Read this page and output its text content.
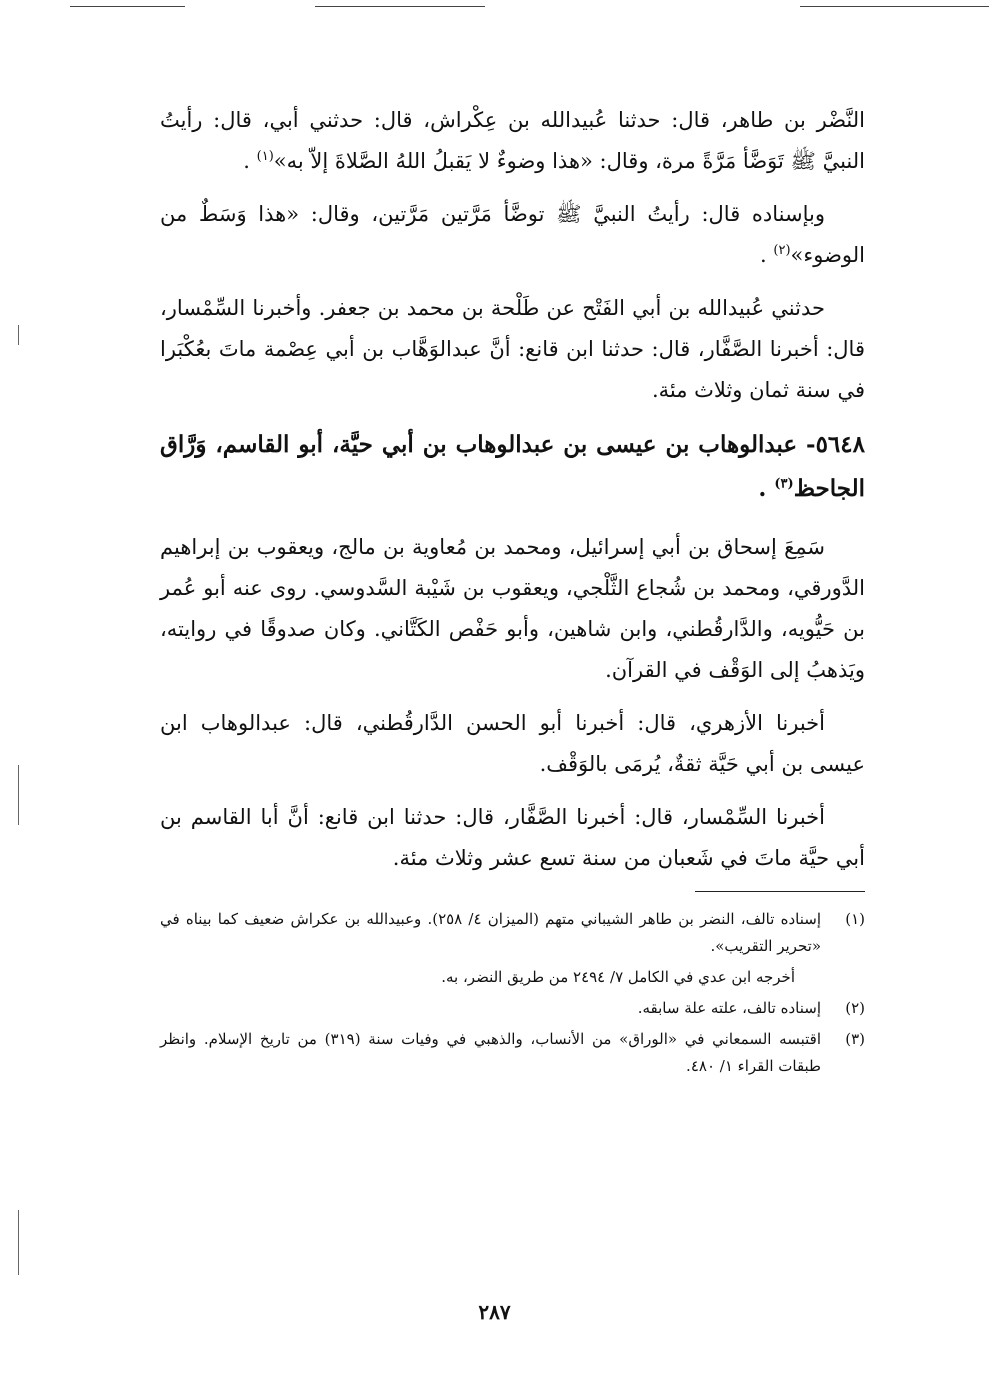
النَّضْر بن طاهر، قال: حدثنا عُبيدالله بن عِكْراش، قال: حدثني أبي، قال: رأيتُ النبيَّ ﷺ تَوَضَّأ مَرَّةً مرة، وقال: «هذا وضوءٌ لا يَقبلُ اللهُ الصَّلاةَ إلاّ به»$^{(١)}$ .

وبإسناده قال: رأيتُ النبيَّ ﷺ توضَّأ مَرَّتين مَرَّتين، وقال: «هذا وَسَطٌ من الوضوء»$^{(٢)}$ .

حدثني عُبيدالله بن أبي الفَتْح عن طَلْحة بن محمد بن جعفر. وأخبرنا السِّمْسار، قال: أخبرنا الصَّفَّار، قال: حدثنا ابن قانع: أنَّ عبدالوَهَّاب بن أبي عِصْمة ماتَ بعُكْبَرا في سنة ثمان وثلاث مئة.

٥٦٤٨- عبدالوهاب بن عيسى بن عبدالوهاب بن أبي حيَّة، أبو القاسم، وَرَّاق الجاحظ$^{(٣)}$ .

سَمِعَ إسحاق بن أبي إسرائيل، ومحمد بن مُعاوية بن مالج، ويعقوب بن إبراهيم الدَّورقي، ومحمد بن شُجاع الثَّلْجي، ويعقوب بن شَيْبة السَّدوسي. روى عنه أبو عُمر بن حَيُّويه، والدَّارقُطني، وابن شاهين، وأبو حَفْص الكَتَّاني. وكان صدوقًا في روايته، ويَذهبُ إلى الوَقْف في القرآن.

أخبرنا الأزهري، قال: أخبرنا أبو الحسن الدَّارقُطني، قال: عبدالوهاب ابن عيسى بن أبي حَيَّة ثقةٌ، يُرمَى بالوَقْف.

أخبرنا السِّمْسار، قال: أخبرنا الصَّفَّار، قال: حدثنا ابن قانع: أنَّ أبا القاسم بن أبي حيَّة ماتَ في شَعبان من سنة تسع عشر وثلاث مئة.

(١)
إسناده تالف، النضر بن طاهر الشيباني متهم (الميزان ٤/ ٢٥٨). وعبيدالله بن عكراش ضعيف كما بيناه في «تحرير التقريب».
أخرجه ابن عدي في الكامل ٧/ ٢٤٩٤ من طريق النضر، به.
(٢)
إسناده تالف، علته علة سابقه.
(٣)
اقتبسه السمعاني في «الوراق» من الأنساب، والذهبي في وفيات سنة (٣١٩) من تاريخ الإسلام. وانظر طبقات القراء ١/ ٤٨٠.
٢٨٧
